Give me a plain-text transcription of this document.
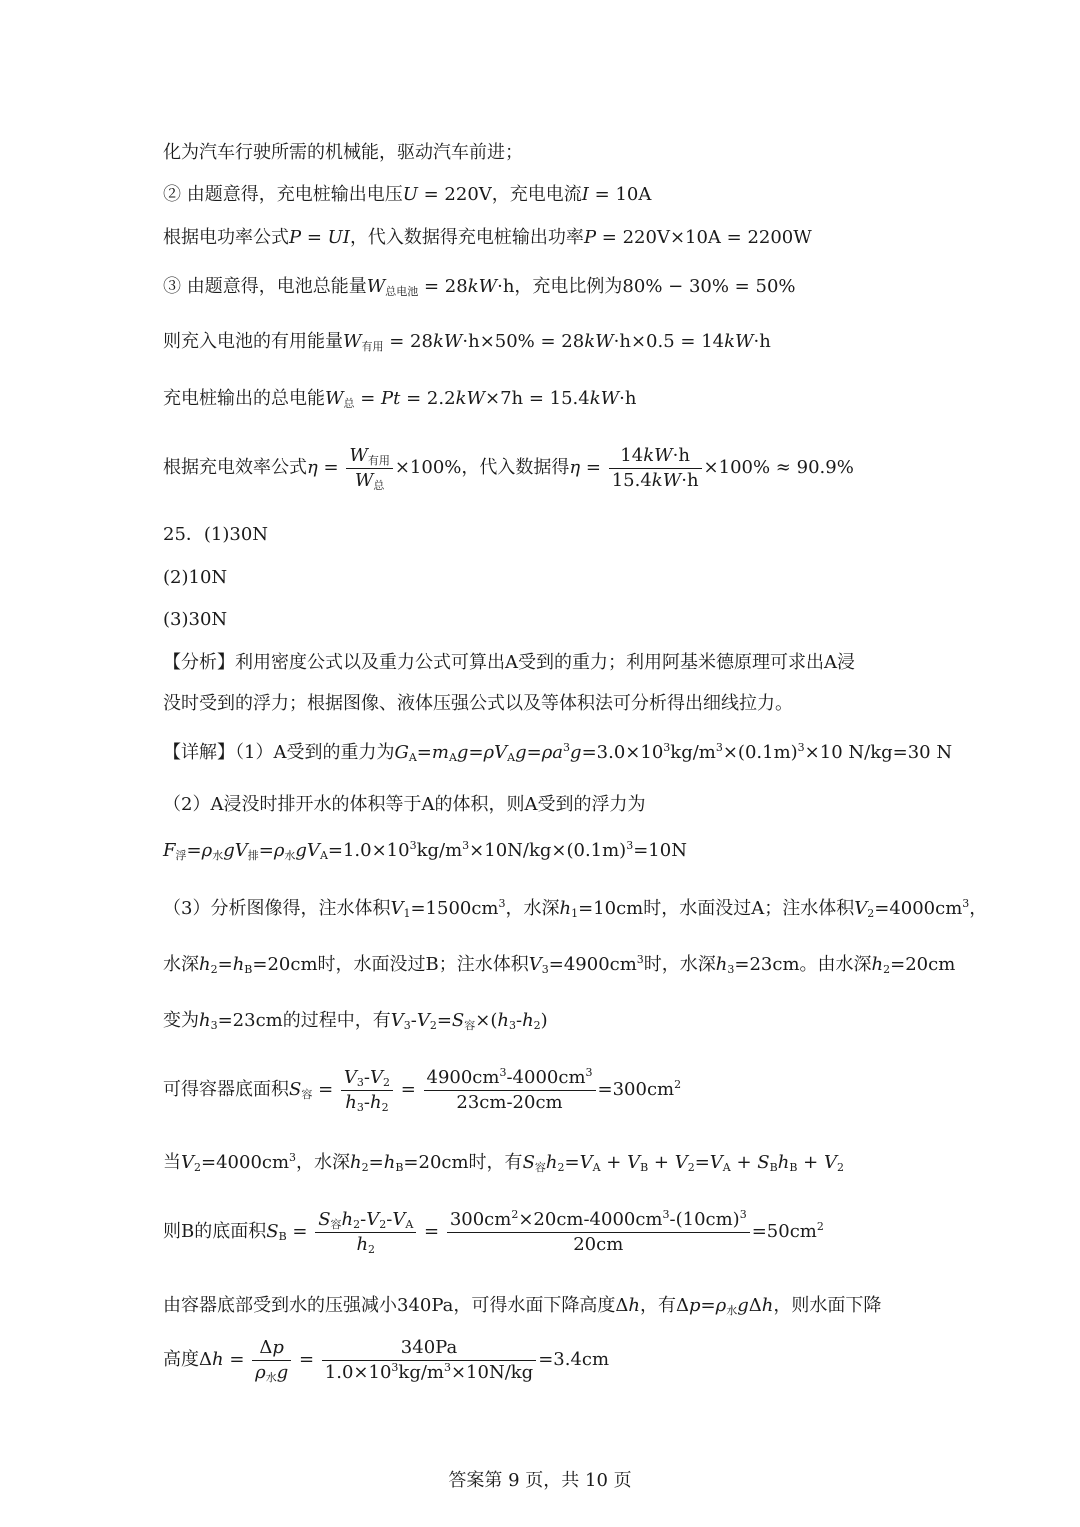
化为汽车行驶所需的机械能，驱动汽车前进；
② 由题意得，充电桩输出电压U = 220V，充电电流I = 10A
根据电功率公式P = UI，代入数据得充电桩输出功率P = 220V×10A = 2200W
③ 由题意得，电池总能量$W_{总电池} = 28kW\cdot h$，充电比例为80% − 30% = 50%
则充入电池的有用能量$W_{有用} = 28kW\cdot h\times 50\% = 28kW\cdot h\times 0.5 = 14kW\cdot h$
充电桩输出的总电能$W_总 = Pt = 2.2kW\times 7h = 15.4kW\cdot h$
根据充电效率公式$\eta = \frac{W_{有用}}{W_总} \times 100\%$，代入数据得$\eta = \frac{14kW\cdot h}{15.4kW\cdot h} \times 100\% \approx 90.9\%$
25．(1)30N
(2)10N
(3)30N
【分析】利用密度公式以及重力公式可算出A受到的重力；利用阿基米德原理可求出A浸
没时受到的浮力；根据图像、液体压强公式以及等体积法可分析得出细线拉力。
【详解】（1）A受到的重力为$G_A=m_Ag=\rho V_Ag=\rho a^3g=3.0\times 10^3kg/m^3\times(0.1m)^3\times 10$ N/kg=30 N
（2）A浸没时排开水的体积等于A的体积，则A受到的浮力为
$F_浮=\rho_水gV_排=\rho_水gV_A=1.0\times 10^3kg/m^3\times 10N/kg\times(0.1m)^3=10N$
（3）分析图像得，注水体积$V_1=1500cm^3$，水深$h_1=10cm$时，水面没过A；注水体积$V_2=4000cm^3$，
水深$h_2=h_B=20cm$时，水面没过B；注水体积$V_3=4900cm^3$时，水深$h_3=23cm$。由水深$h_2=20cm$
变为$h_3=23cm$的过程中，有$V_3-V_2=S_容\times(h_3-h_2)$
可得容器底面积$S_容 = \frac{V_3-V_2}{h_3-h_2} = \frac{4900cm^3-4000cm^3}{23cm-20cm} =300cm^2$
当$V_2=4000cm^3$，水深$h_2=h_B=20cm$时，有$S_容h_2=V_A + V_B + V_2=V_A + S_Bh_B + V_2$
则B的底面积$S_B = \frac{S_容h_2-V_2-V_A}{h_2} = \frac{300cm^2\times 20cm-4000cm^3-(10cm)^3}{20cm} =50cm^2$
由容器底部受到水的压强减小340Pa，可得水面下降高度Δh，有$\Delta p=\rho_水g\Delta h$，则水面下降
高度$\Delta h = \frac{\Delta p}{\rho_水g} = \frac{340Pa}{1.0\times 10^3kg/m^3\times 10N/kg} =3.4cm$
答案第 9 页，共 10 页
